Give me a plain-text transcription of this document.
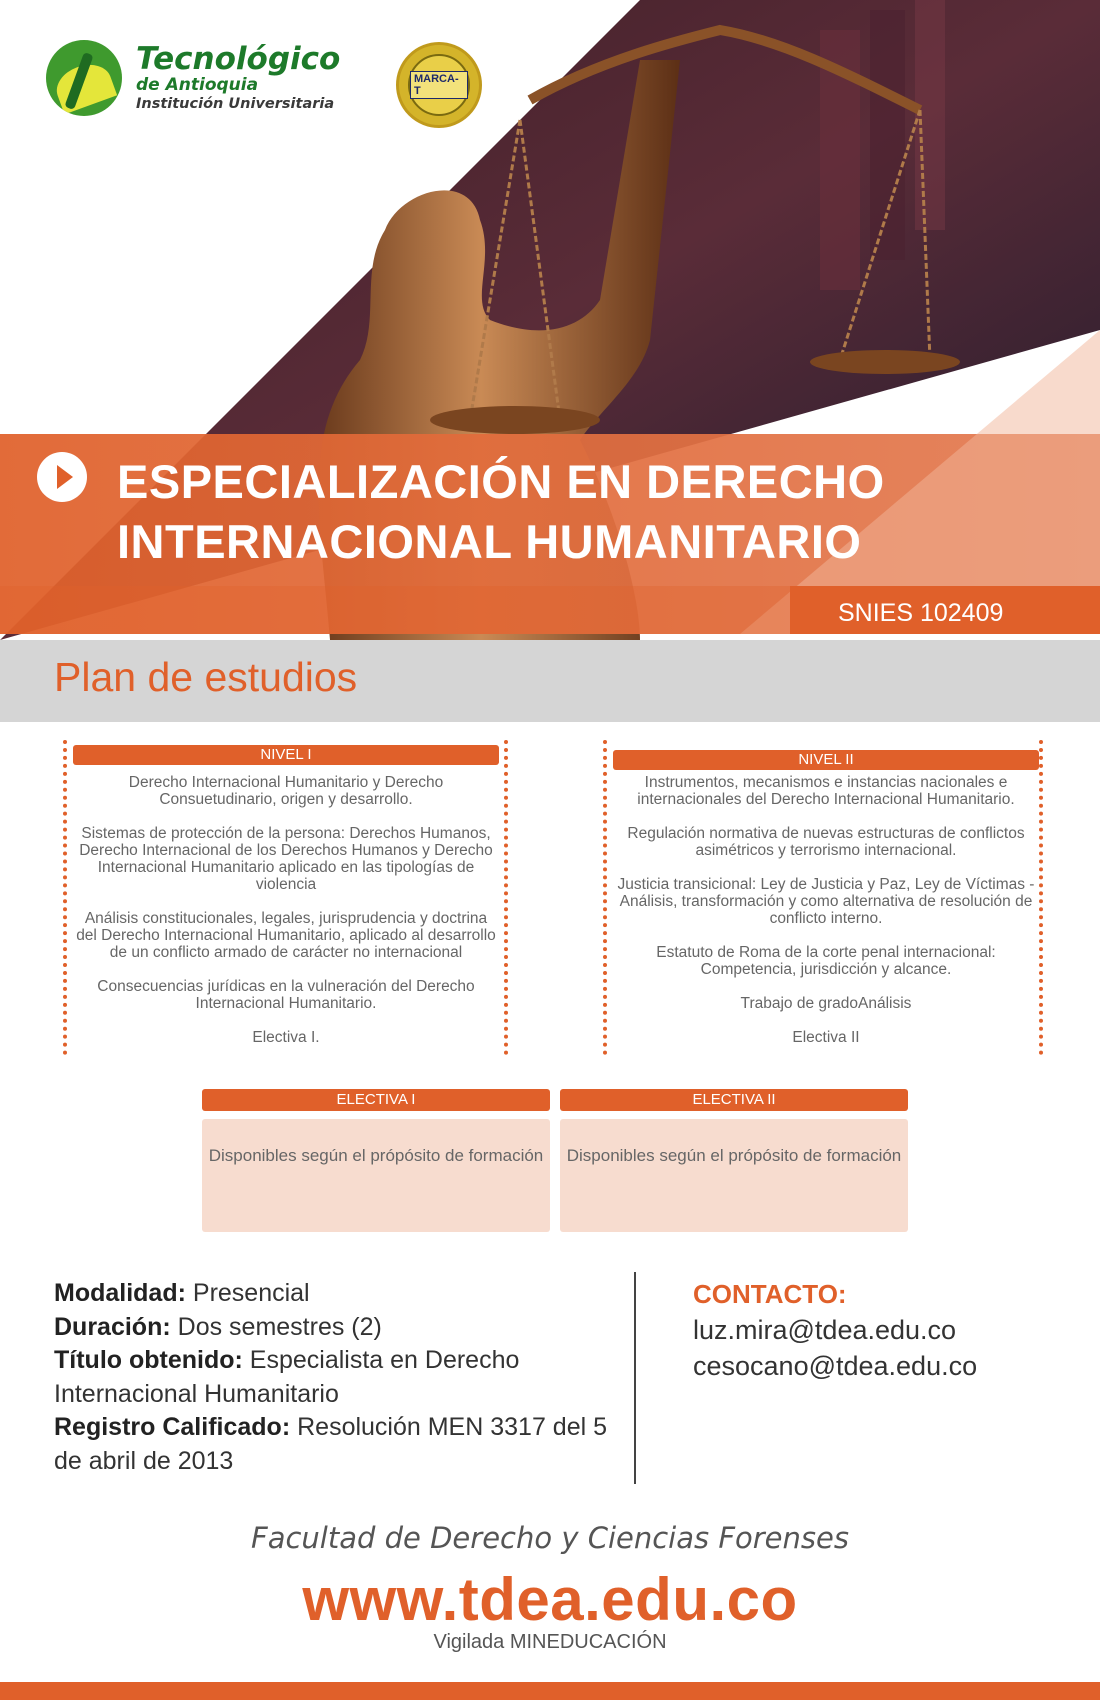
Tecnológico
de Antioquia
Institución Universitaria
MARCA-T
ESPECIALIZACIÓN EN DERECHO INTERNACIONAL HUMANITARIO
SNIES 102409
Plan de estudios
NIVEL I

Derecho Internacional Humanitario y Derecho Consuetudinario, origen y desarrollo.

Sistemas de protección de la persona: Derechos Humanos, Derecho Internacional de los Derechos Humanos y Derecho Internacional Humanitario aplicado en las tipologías de violencia

Análisis constitucionales, legales, jurisprudencia y doctrina del Derecho Internacional Humanitario, aplicado al desarrollo de un conflicto armado de carácter no internacional

Consecuencias jurídicas en la vulneración del Derecho Internacional Humanitario.

Electiva I.

NIVEL II

Instrumentos, mecanismos e instancias nacionales e internacionales del Derecho Internacional Humanitario.

Regulación normativa de nuevas estructuras de conflictos asimétricos y terrorismo internacional.

Justicia transicional: Ley de Justicia y Paz, Ley de Víctimas - Análisis, transformación y como alternativa de resolución de conflicto interno.

Estatuto de Roma de la corte penal internacional: Competencia, jurisdicción y alcance.

Trabajo de gradoAnálisis

Electiva II

ELECTIVA I
Disponibles según el própósito de formación
ELECTIVA II
Disponibles según el própósito de formación
Modalidad: Presencial
Duración: Dos semestres (2)
Título obtenido: Especialista en Derecho Internacional Humanitario
Registro Calificado: Resolución MEN 3317 del 5 de abril de 2013
CONTACTO:
luz.mira@tdea.edu.co
cesocano@tdea.edu.co
Facultad de Derecho y Ciencias Forenses
www.tdea.edu.co
Vigilada MINEDUCACIÓN
